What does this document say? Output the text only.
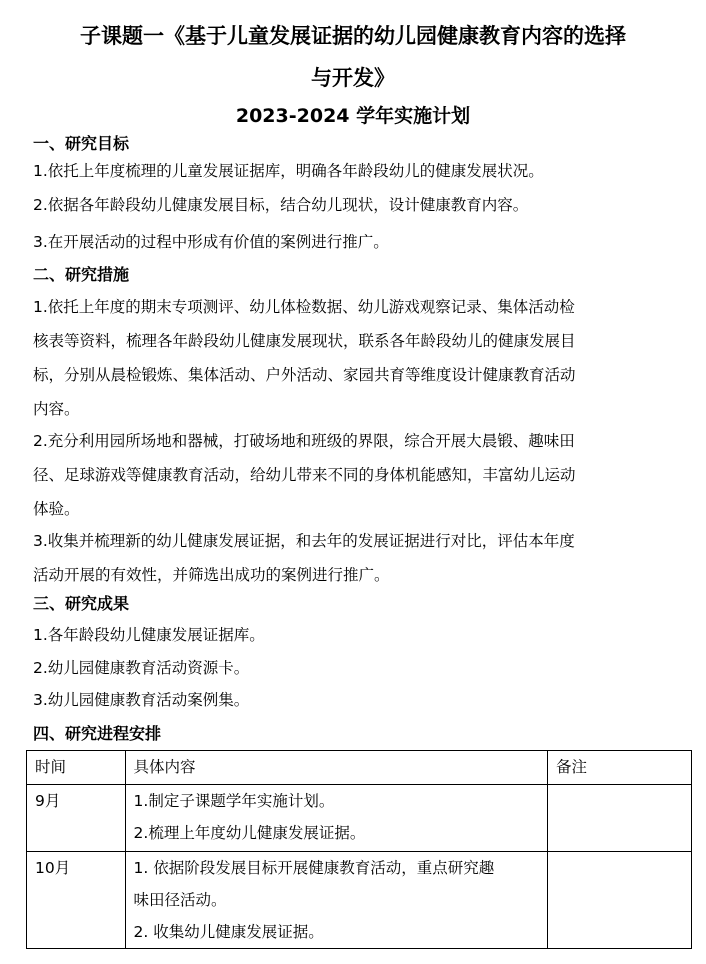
子课题一《基于儿童发展证据的幼儿园健康教育内容的选择
与开发》
2023-2024 学年实施计划
一、研究目标
1.依托上年度梳理的儿童发展证据库，明确各年龄段幼儿的健康发展状况。
2.依据各年龄段幼儿健康发展目标，结合幼儿现状，设计健康教育内容。
3.在开展活动的过程中形成有价值的案例进行推广。
二、研究措施
1.依托上年度的期末专项测评、幼儿体检数据、幼儿游戏观察记录、集体活动检
核表等资料，梳理各年龄段幼儿健康发展现状，联系各年龄段幼儿的健康发展目
标，分别从晨检锻炼、集体活动、户外活动、家园共育等维度设计健康教育活动
内容。
2.充分利用园所场地和器械，打破场地和班级的界限，综合开展大晨锻、趣味田
径、足球游戏等健康教育活动，给幼儿带来不同的身体机能感知，丰富幼儿运动
体验。
3.收集并梳理新的幼儿健康发展证据，和去年的发展证据进行对比，评估本年度
活动开展的有效性，并筛选出成功的案例进行推广。
三、研究成果
1.各年龄段幼儿健康发展证据库。
2.幼儿园健康教育活动资源卡。
3.幼儿园健康教育活动案例集。
四、研究进程安排
时间	具体内容	备注

9月	1.制定子课题学年实施计划。
2.梳理上年度幼儿健康发展证据。	

10月	1. 依据阶段发展目标开展健康教育活动，重点研究趣
味田径活动。
2. 收集幼儿健康发展证据。	
